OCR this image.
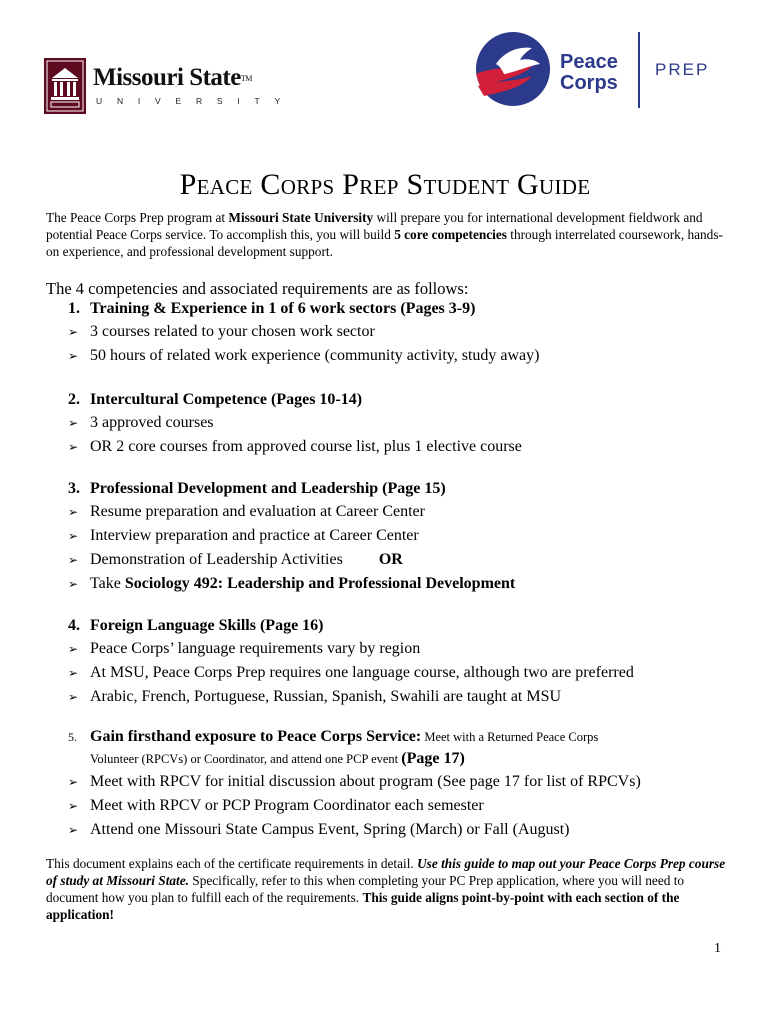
Missouri State™
UNIVERSITY
Peace
Corps
PREP
Peace Corps Prep Student Guide

The Peace Corps Prep program at Missouri State University will prepare you for international development fieldwork and potential Peace Corps service. To accomplish this, you will build 5 core competencies through interrelated coursework, hands-on experience, and professional development support.

The 4 competencies and associated requirements are as follows:

1. Training & Experience in 1 of 6 work sectors (Pages 3-9)
➢ 3 courses related to your chosen work sector
➢ 50 hours of related work experience (community activity, study away)
2. Intercultural Competence (Pages 10-14)
➢ 3 approved courses
➢ OR 2 core courses from approved course list, plus 1 elective course
3. Professional Development and Leadership (Page 15)
➢ Resume preparation and evaluation at Career Center
➢ Interview preparation and practice at Career Center
➢ Demonstration of Leadership Activities OR
➢ Take Sociology 492: Leadership and Professional Development
4. Foreign Language Skills (Page 16)
➢ Peace Corps’ language requirements vary by region
➢ At MSU, Peace Corps Prep requires one language course, although two are preferred
➢ Arabic, French, Portuguese, Russian, Spanish, Swahili are taught at MSU
5. Gain firsthand exposure to Peace Corps Service: Meet with a Returned Peace Corps
Volunteer (RPCVs) or Coordinator, and attend one PCP event (Page 17)
➢ Meet with RPCV for initial discussion about program (See page 17 for list of RPCVs)
➢ Meet with RPCV or PCP Program Coordinator each semester
➢ Attend one Missouri State Campus Event, Spring (March) or Fall (August)

This document explains each of the certificate requirements in detail. Use this guide to map out your Peace Corps Prep course of study at Missouri State. Specifically, refer to this when completing your PC Prep application, where you will need to document how you plan to fulfill each of the requirements. This guide aligns point-by-point with each section of the application!

1
